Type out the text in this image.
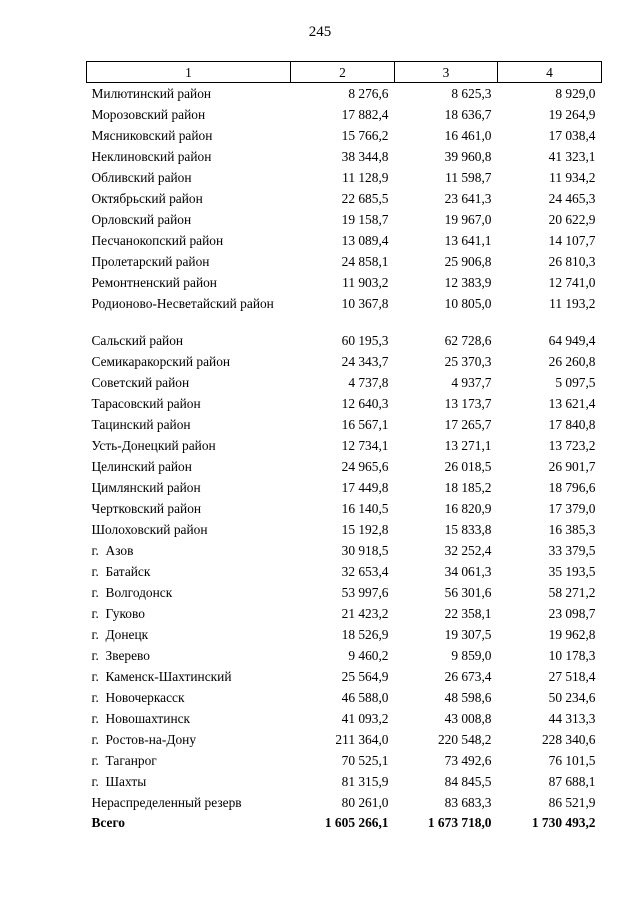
245
1	2	3	4
Милютинский район	8 276,6	8 625,3	8 929,0
Морозовский район	17 882,4	18 636,7	19 264,9
Мясниковский район	15 766,2	16 461,0	17 038,4
Неклиновский район	38 344,8	39 960,8	41 323,1
Обливский район	11 128,9	11 598,7	11 934,2
Октябрьский район	22 685,5	23 641,3	24 465,3
Орловский район	19 158,7	19 967,0	20 622,9
Песчанокопский район	13 089,4	13 641,1	14 107,7
Пролетарский район	24 858,1	25 906,8	26 810,3
Ремонтненский район	11 903,2	12 383,9	12 741,0
Родионово-Несветайский район	10 367,8	10 805,0	11 193,2
Сальский район	60 195,3	62 728,6	64 949,4
Семикаракорский район	24 343,7	25 370,3	26 260,8
Советский район	4 737,8	4 937,7	5 097,5
Тарасовский район	12 640,3	13 173,7	13 621,4
Тацинский район	16 567,1	17 265,7	17 840,8
Усть-Донецкий район	12 734,1	13 271,1	13 723,2
Целинский район	24 965,6	26 018,5	26 901,7
Цимлянский район	17 449,8	18 185,2	18 796,6
Чертковский район	16 140,5	16 820,9	17 379,0
Шолоховский район	15 192,8	15 833,8	16 385,3
г.  Азов	30 918,5	32 252,4	33 379,5
г.  Батайск	32 653,4	34 061,3	35 193,5
г.  Волгодонск	53 997,6	56 301,6	58 271,2
г.  Гуково	21 423,2	22 358,1	23 098,7
г.  Донецк	18 526,9	19 307,5	19 962,8
г.  Зверево	9 460,2	9 859,0	10 178,3
г.  Каменск-Шахтинский	25 564,9	26 673,4	27 518,4
г.  Новочеркасск	46 588,0	48 598,6	50 234,6
г.  Новошахтинск	41 093,2	43 008,8	44 313,3
г.  Ростов-на-Дону	211 364,0	220 548,2	228 340,6
г.  Таганрог	70 525,1	73 492,6	76 101,5
г.  Шахты	81 315,9	84 845,5	87 688,1
Нераспределенный резерв	80 261,0	83 683,3	86 521,9
Всего	1 605 266,1	1 673 718,0	1 730 493,2
